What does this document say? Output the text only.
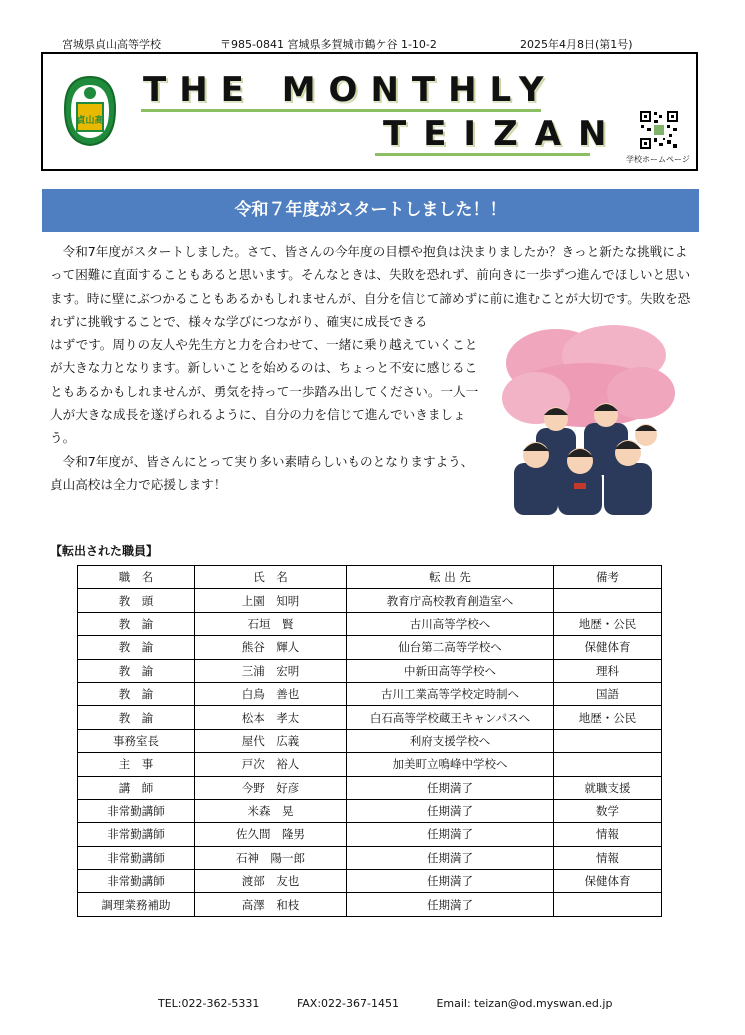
宮城県貞山高等学校	〒985-0841 宮城県多賀城市鶴ケ谷 1-10-2	2025年4月8日(第1号)
貞山高
THE MONTHLY
TEIZAN
学校ホームページ
令和７年度がスタートしました！！

　令和7年度がスタートしました。さて、皆さんの今年度の目標や抱負は決まりましたか？きっと新たな挑戦によって困難に直面することもあると思います。そんなときは、失敗を恐れず、前向きに一歩ずつ進んでほしいと思います。時に壁にぶつかることもあるかもしれませんが、自分を信じて諦めずに前に進むことが大切です。失敗を恐れずに挑戦することで、様々な学びにつながり、確実に成長できる

はずです。周りの友人や先生方と力を合わせて、一緒に乗り越えていくことが大きな力となります。新しいことを始めるのは、ちょっと不安に感じることもあるかもしれませんが、勇気を持って一歩踏み出してください。一人一人が大きな成長を遂げられるように、自分の力を信じて進んでいきましょう。

　令和7年度が、皆さんにとって実り多い素晴らしいものとなりますよう、貞山高校は全力で応援します！

【転出された職員】
職　名	氏　名	転 出 先	備考
教　頭	上園　知明	教育庁高校教育創造室へ	
教　諭	石垣　賢	古川高等学校へ	地歴・公民
教　諭	熊谷　輝人	仙台第二高等学校へ	保健体育
教　諭	三浦　宏明	中新田高等学校へ	理科
教　諭	白鳥　善也	古川工業高等学校定時制へ	国語
教　諭	松本　孝太	白石高等学校蔵王キャンパスへ	地歴・公民
事務室長	屋代　広義	利府支援学校へ	
主　事	戸次　裕人	加美町立鳴峰中学校へ	
講　師	今野　好彦	任期満了	就職支援
非常勤講師	米森　晃	任期満了	数学
非常勤講師	佐久間　隆男	任期満了	情報
非常勤講師	石神　陽一郎	任期満了	情報
非常勤講師	渡部　友也	任期満了	保健体育
調理業務補助	高澤　和枝	任期満了	
TEL:022-362-5331	FAX:022-367-1451	Email: teizan@od.myswan.ed.jp
